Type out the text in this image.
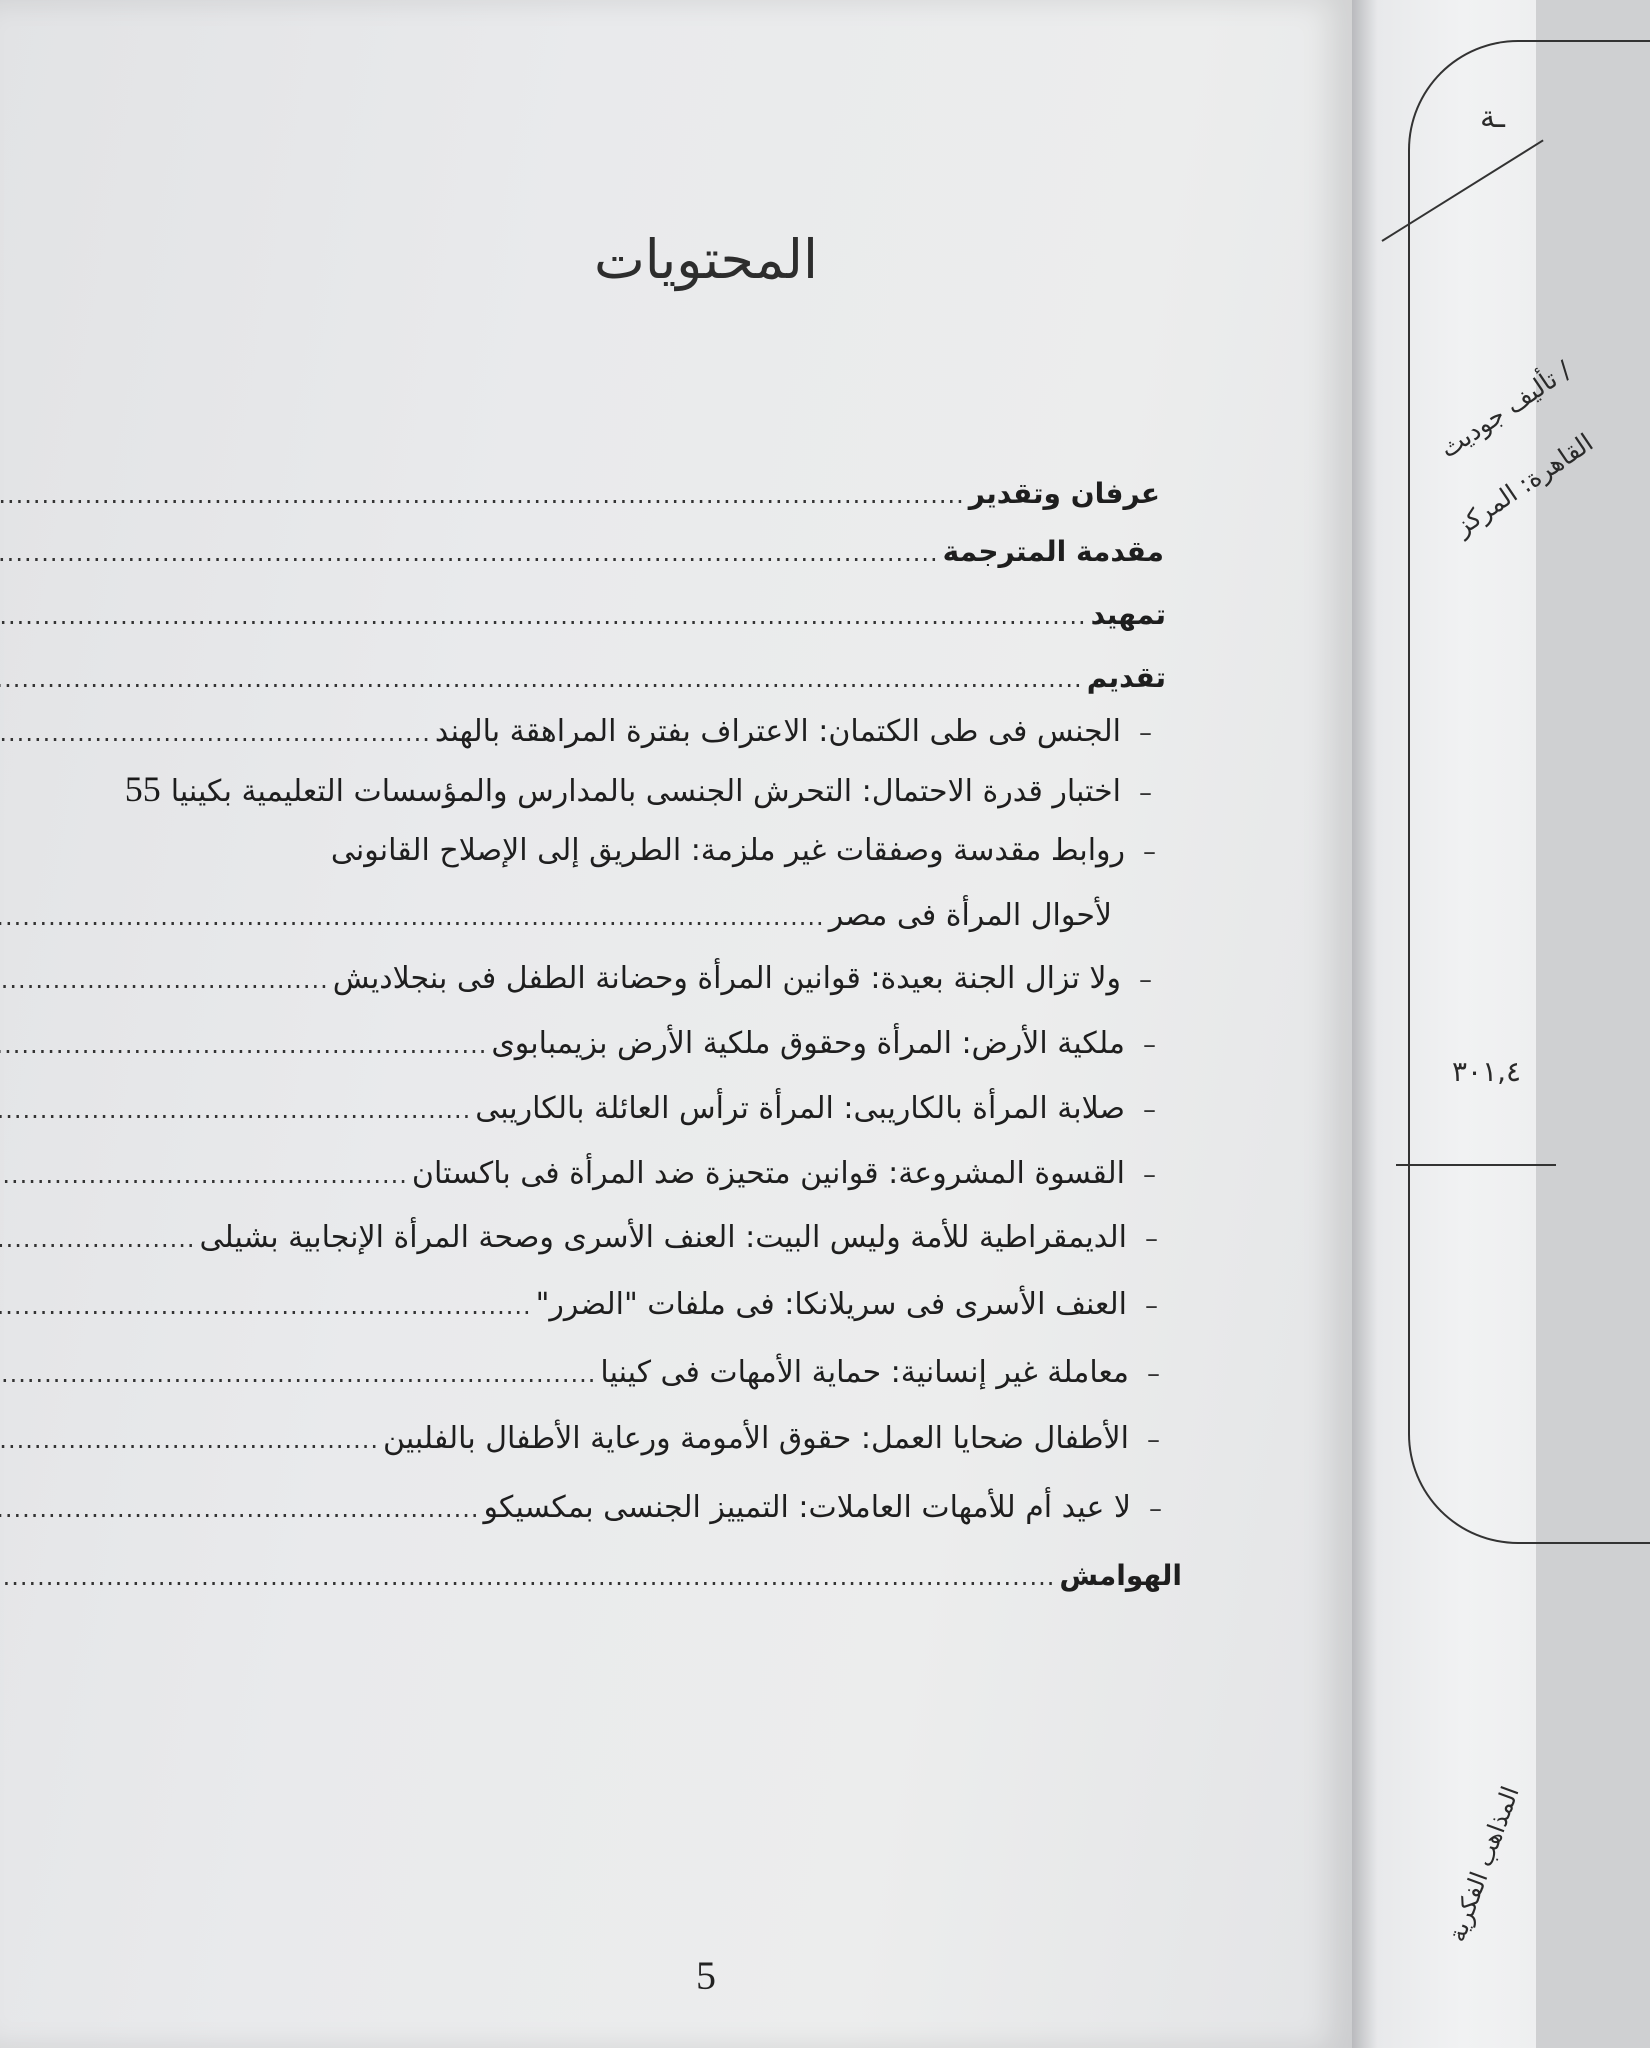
ـة
/ تأليف جوديث
القاهرة: المركز
٣٠١,٤
المذاهب الفكرية
المحتويات
عرفان وتقدير
.....
مقدمة المترجمة
.....
تمهيد
.....
تقديم
.....
–
الجنس فى طى الكتمان: الاعتراف بفترة المراهقة بالهند
.....
–
اختبار قدرة الاحتمال: التحرش الجنسى بالمدارس والمؤسسات التعليمية بكينيا
55
–
روابط مقدسة وصفقات غير ملزمة: الطريق إلى الإصلاح القانونى
لأحوال المرأة فى مصر
.....
–
ولا تزال الجنة بعيدة: قوانين المرأة وحضانة الطفل فى بنجلاديش
.....
–
ملكية الأرض: المرأة وحقوق ملكية الأرض بزيمبابوى
.....
–
صلابة المرأة بالكاريبى: المرأة ترأس العائلة بالكاريبى
.....
–
القسوة المشروعة: قوانين متحيزة ضد المرأة فى باكستان
.....
–
الديمقراطية للأمة وليس البيت: العنف الأسرى وصحة المرأة الإنجابية بشيلى
.....
–
العنف الأسرى فى سريلانكا: فى ملفات "الضرر"
.....
–
معاملة غير إنسانية: حماية الأمهات فى كينيا
.....
–
الأطفال ضحايا العمل: حقوق الأمومة ورعاية الأطفال بالفلبين
.....
–
لا عيد أم للأمهات العاملات: التمييز الجنسى بمكسيكو
.....
الهوامش
.....
5
